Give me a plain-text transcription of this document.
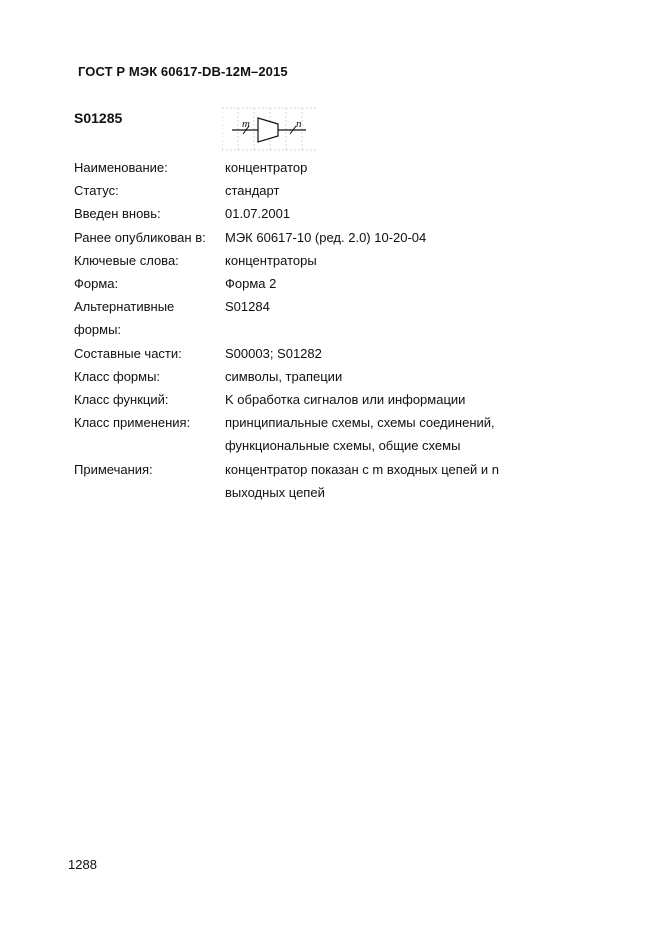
ГОСТ Р МЭК 60617-DB-12M–2015
S01285	m	n
Наименование:	концентратор
Статус:	стандарт
Введен вновь:	01.07.2001
Ранее опубликован в:	МЭК 60617-10 (ред. 2.0) 10-20-04
Ключевые слова:	концентраторы
Форма:	Форма 2
Альтернативные
формы:
S01284
Составные части:	S00003; S01282
Класс формы:	символы, трапеции
Класс функций:	K обработка сигналов или информации
Класс применения:	принципиальные схемы, схемы соединений,
функциональные схемы, общие схемы
Примечания:	концентратор показан с m входных цепей и n
выходных цепей
1288
